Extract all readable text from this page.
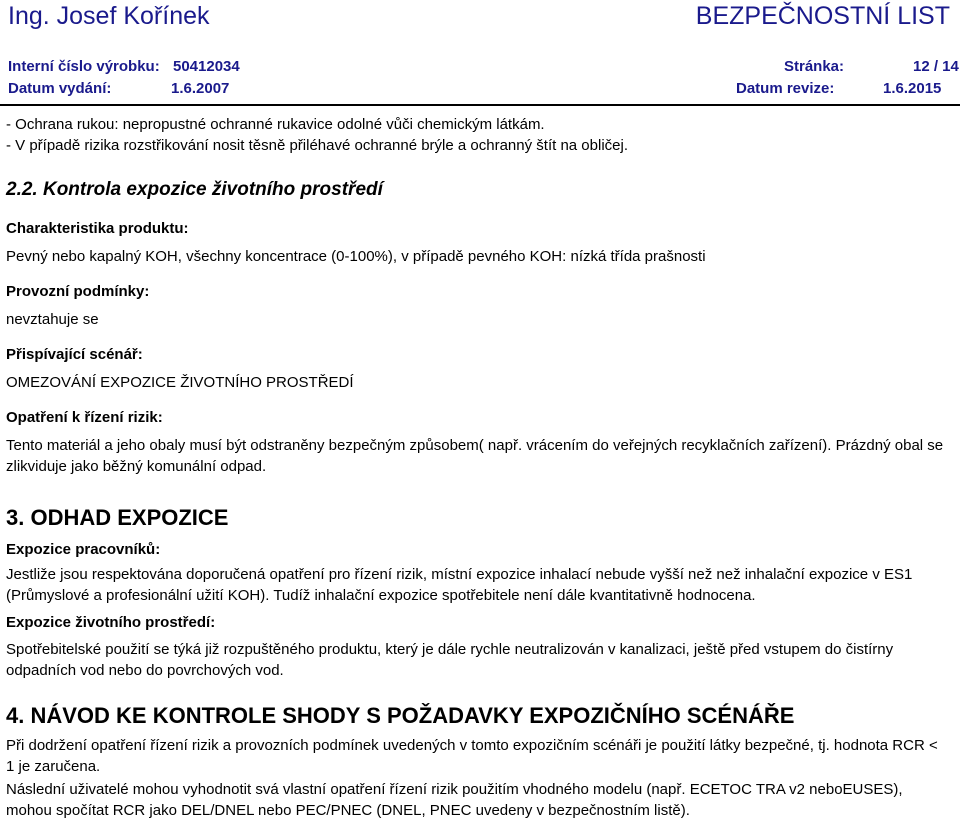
Ing. Josef Kořínek	BEZPEČNOSTNÍ LIST
Interní číslo výrobku: 50412034	Stránka:	12 / 14
Datum vydání:	1.6.2007	Datum revize:	1.6.2015

- Ochrana rukou: nepropustné ochranné rukavice odolné vůči chemickým látkám.

- V případě rizika rozstřikování nosit těsně přiléhavé ochranné brýle a ochranný štít na obličej.

2.2. Kontrola expozice životního prostředí
Charakteristika produktu:
Pevný nebo kapalný KOH, všechny koncentrace (0-100%), v případě pevného KOH: nízká třída prašnosti
Provozní podmínky:
nevztahuje se
Přispívající scénář:
OMEZOVÁNÍ EXPOZICE ŽIVOTNÍHO PROSTŘEDÍ
Opatření k řízení rizik:
Tento materiál a jeho obaly musí být odstraněny bezpečným způsobem( např. vrácením do veřejných recyklačních zařízení). Prázdný obal se zlikviduje jako běžný komunální odpad.
3. ODHAD EXPOZICE
Expozice pracovníků:
Jestliže jsou respektována doporučená opatření pro řízení rizik, místní expozice inhalací nebude vyšší než než inhalační expozice v ES1 (Průmyslové a profesionální užití KOH). Tudíž inhalační expozice spotřebitele není dále kvantitativně hodnocena.
Expozice životního prostředí:
Spotřebitelské použití se týká již rozpuštěného produktu, který je dále rychle neutralizován v kanalizaci, ještě před vstupem do čistírny odpadních vod nebo do povrchových vod.
4. NÁVOD KE KONTROLE SHODY S POŽADAVKY EXPOZIČNÍHO SCÉNÁŘE
Při dodržení opatření řízení rizik a provozních podmínek uvedených v tomto expozičním scénáři je použití látky bezpečné, tj. hodnota RCR < 1 je zaručena.
Následní uživatelé mohou vyhodnotit svá vlastní opatření řízení rizik použitím vhodného modelu (např. ECETOC TRA v2 neboEUSES), mohou spočítat RCR jako DEL/DNEL nebo PEC/PNEC (DNEL, PNEC uvedeny v bezpečnostním listě).
